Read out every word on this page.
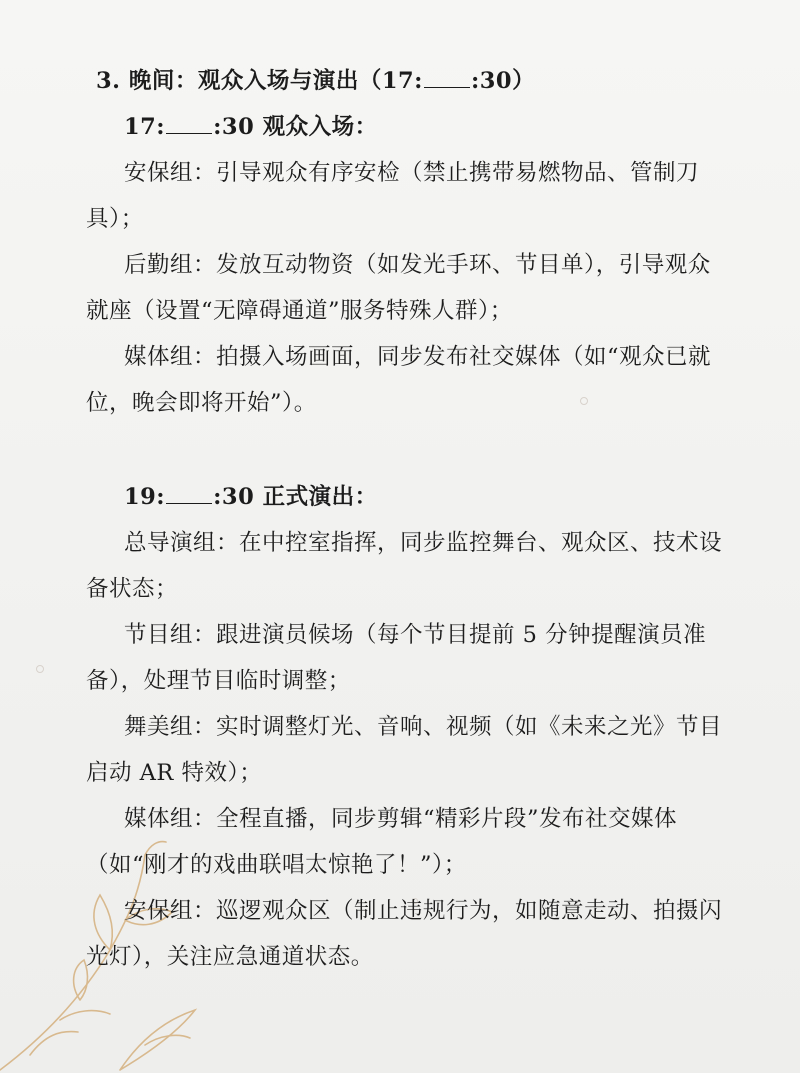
3. 晚间：观众入场与演出（17: :30）
17: :30 观众入场：
安保组：引导观众有序安检（禁止携带易燃物品、管制刀
具）；
后勤组：发放互动物资（如发光手环、节目单），引导观众
就座（设置“无障碍通道”服务特殊人群）；
媒体组：拍摄入场画面，同步发布社交媒体（如“观众已就
位，晚会即将开始”）。
19: :30 正式演出：
总导演组：在中控室指挥，同步监控舞台、观众区、技术设
备状态；
节目组：跟进演员候场（每个节目提前 5 分钟提醒演员准
备），处理节目临时调整；
舞美组：实时调整灯光、音响、视频（如《未来之光》节目
启动 AR 特效）；
媒体组：全程直播，同步剪辑“精彩片段”发布社交媒体
（如“刚才的戏曲联唱太惊艳了！”）；
安保组：巡逻观众区（制止违规行为，如随意走动、拍摄闪
光灯），关注应急通道状态。
